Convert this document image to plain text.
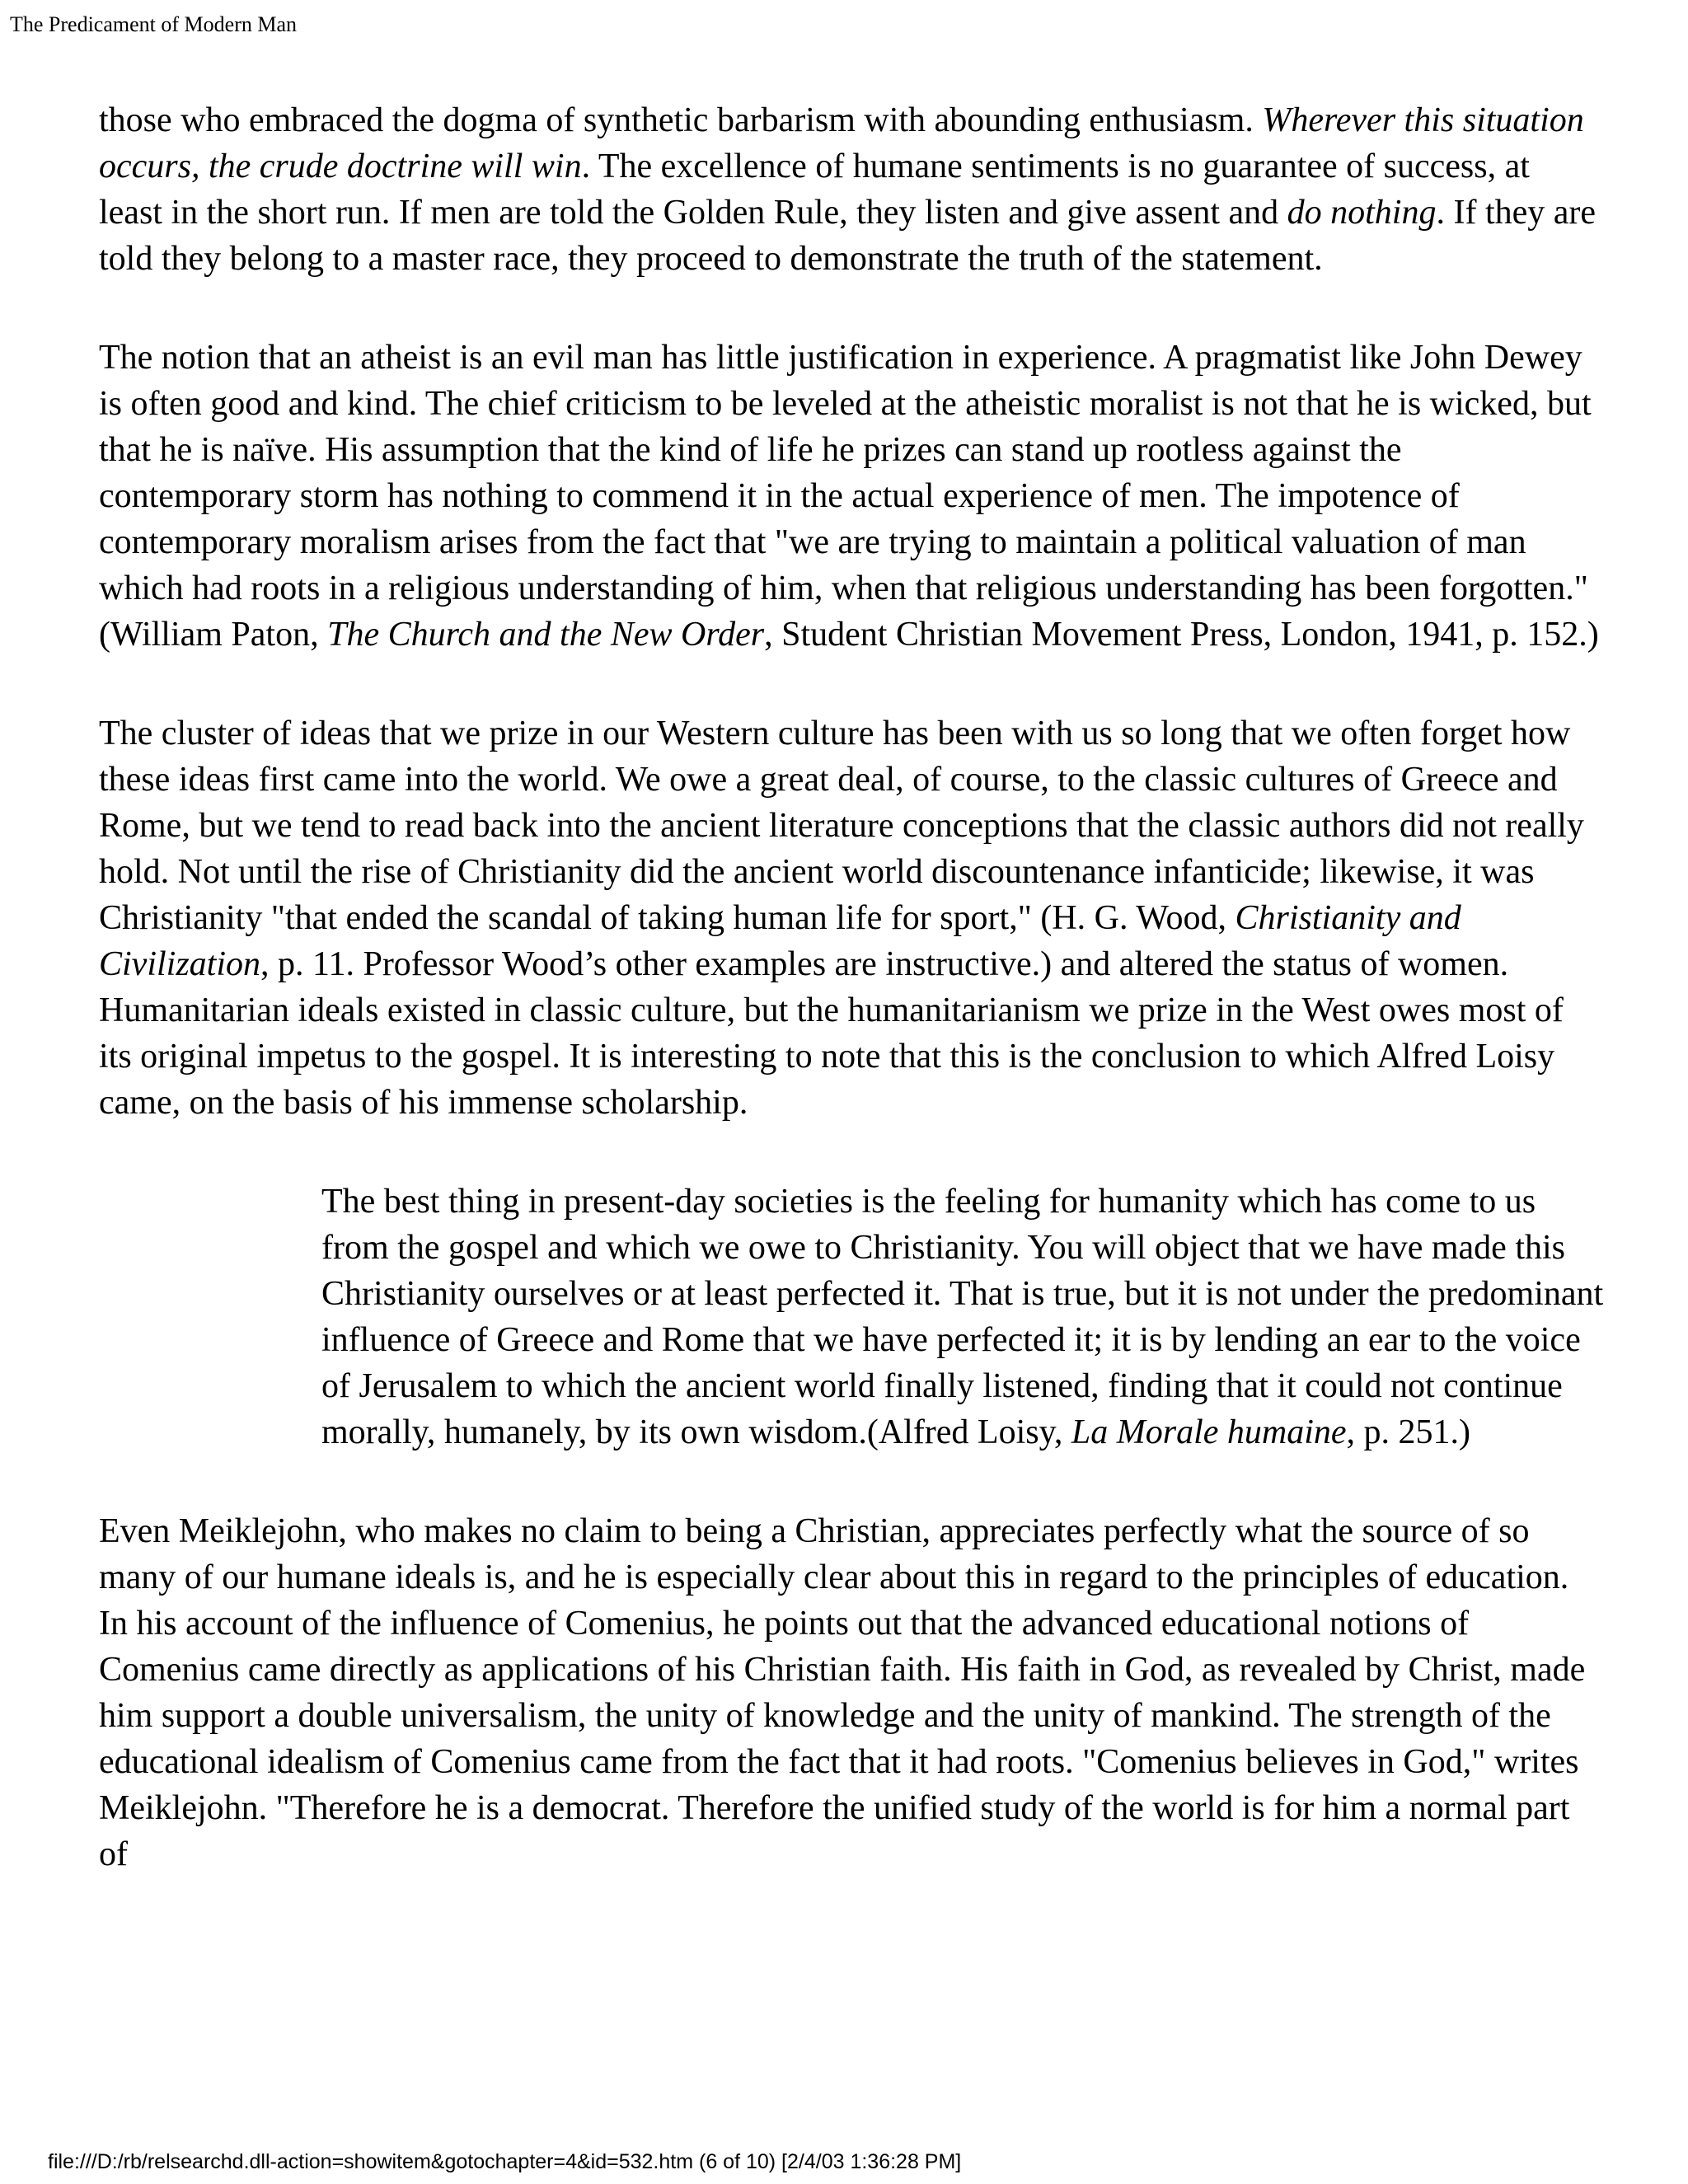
The Predicament of Modern Man

those who embraced the dogma of synthetic barbarism with abounding enthusiasm. Wherever this situation occurs, the crude doctrine will win. The excellence of humane sentiments is no guarantee of success, at least in the short run. If men are told the Golden Rule, they listen and give assent and do nothing. If they are told they belong to a master race, they proceed to demonstrate the truth of the statement.

The notion that an atheist is an evil man has little justification in experience. A pragmatist like John Dewey is often good and kind. The chief criticism to be leveled at the atheistic moralist is not that he is wicked, but that he is naïve. His assumption that the kind of life he prizes can stand up rootless against the contemporary storm has nothing to commend it in the actual experience of men. The impotence of contemporary moralism arises from the fact that "we are trying to maintain a political valuation of man which had roots in a religious understanding of him, when that religious understanding has been forgotten." (William Paton, The Church and the New Order, Student Christian Movement Press, London, 1941, p. 152.)

The cluster of ideas that we prize in our Western culture has been with us so long that we often forget how these ideas first came into the world. We owe a great deal, of course, to the classic cultures of Greece and Rome, but we tend to read back into the ancient literature conceptions that the classic authors did not really hold. Not until the rise of Christianity did the ancient world discountenance infanticide; likewise, it was Christianity "that ended the scandal of taking human life for sport," (H. G. Wood, Christianity and Civilization, p. 11. Professor Wood’s other examples are instructive.) and altered the status of women. Humanitarian ideals existed in classic culture, but the humanitarianism we prize in the West owes most of its original impetus to the gospel. It is interesting to note that this is the conclusion to which Alfred Loisy came, on the basis of his immense scholarship.

The best thing in present-day societies is the feeling for humanity which has come to us from the gospel and which we owe to Christianity. You will object that we have made this Christianity ourselves or at least perfected it. That is true, but it is not under the predominant influence of Greece and Rome that we have perfected it; it is by lending an ear to the voice of Jerusalem to which the ancient world finally listened, finding that it could not continue morally, humanely, by its own wisdom.(Alfred Loisy, La Morale humaine, p. 251.)

Even Meiklejohn, who makes no claim to being a Christian, appreciates perfectly what the source of so many of our humane ideals is, and he is especially clear about this in regard to the principles of education. In his account of the influence of Comenius, he points out that the advanced educational notions of Comenius came directly as applications of his Christian faith. His faith in God, as revealed by Christ, made him support a double universalism, the unity of knowledge and the unity of mankind. The strength of the educational idealism of Comenius came from the fact that it had roots. "Comenius believes in God," writes Meiklejohn. "Therefore he is a democrat. Therefore the unified study of the world is for him a normal part of

file:///D:/rb/relsearchd.dll-action=showitem&gotochapter=4&id=532.htm (6 of 10) [2/4/03 1:36:28 PM]
